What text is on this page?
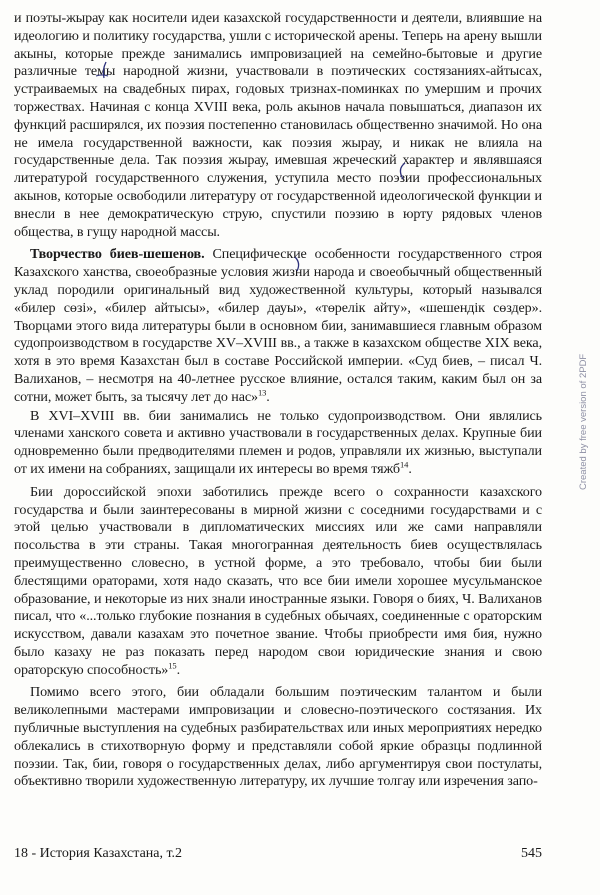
и поэты-жырау как носители идеи казахской государственности и деятели, влиявшие на идеологию и политику государства, ушли с исторической арены. Теперь на арену вышли акыны, которые прежде занимались импровизацией на семейно-бытовые и другие различные темы народной жизни, участвовали в поэтических состязаниях-айтысах, устраиваемых на свадебных пирах, годовых тризнах-поминках по умершим и прочих торжествах. Начиная с конца XVIII века, роль акынов начала повышаться, диапазон их функций расширялся, их поэзия постепенно становилась общественно значимой. Но она не имела государственной важности, как поэзия жырау, и никак не влияла на государственные дела. Так поэзия жырау, имевшая жреческий характер и являвшаяся литературой государственного служения, уступила место поэзии профессиональных акынов, которые освободили литературу от государственной идеологической функции и внесли в нее демократическую струю, спустили поэзию в юрту рядовых членов общества, в гущу народной массы.

Творчество биев-шешенов. Специфические особенности государственного строя Казахского ханства, своеобразные условия жизни народа и своеобычный общественный уклад породили оригинальный вид художественной культуры, который назывался «билер сөзі», «билер айтысы», «билер дауы», «төрелік айту», «шешендік сөздер». Творцами этого вида литературы были в основном бии, занимавшиеся главным образом судопроизводством в государстве XV–XVIII вв., а также в казахском обществе XIX века, хотя в это время Казахстан был в составе Российской империи. «Суд биев, – писал Ч. Валиханов, – несмотря на 40-летнее русское влияние, остался таким, каким был он за сотни, может быть, за тысячу лет до нас»$^{13}$.

В XVI–XVIII вв. бии занимались не только судопроизводством. Они являлись членами ханского совета и активно участвовали в государственных делах. Крупные бии одновременно были предводителями племен и родов, управляли их жизнью, выступали от их имени на собраниях, защищали их интересы во время тяжб$^{14}$.

Бии дороссийской эпохи заботились прежде всего о сохранности казахского государства и были заинтересованы в мирной жизни с соседними государствами и с этой целью участвовали в дипломатических миссиях или же сами направляли посольства в эти страны. Такая многогранная деятельность биев осуществлялась преимущественно словесно, в устной форме, а это требовало, чтобы бии были блестящими ораторами, хотя надо сказать, что все бии имели хорошее мусульманское образование, и некоторые из них знали иностранные языки. Говоря о биях, Ч. Валиханов писал, что «...только глубокие познания в судебных обычаях, соединенные с ораторским искусством, давали казахам это почетное звание. Чтобы приобрести имя бия, нужно было казаху не раз показать перед народом свои юридические знания и свою ораторскую способность»$^{15}$.

Помимо всего этого, бии обладали большим поэтическим талантом и были великолепными мастерами импровизации и словесно-поэтического состязания. Их публичные выступления на судебных разбирательствах или иных мероприятиях нередко облекались в стихотворную форму и представляли собой яркие образцы подлинной поэзии. Так, бии, говоря о государственных делах, либо аргументируя свои постулаты, объективно творили художественную литературу, их лучшие толгау или изречения запо-

18 - История Казахстана, т.2	545
Created by free version of 2PDF
